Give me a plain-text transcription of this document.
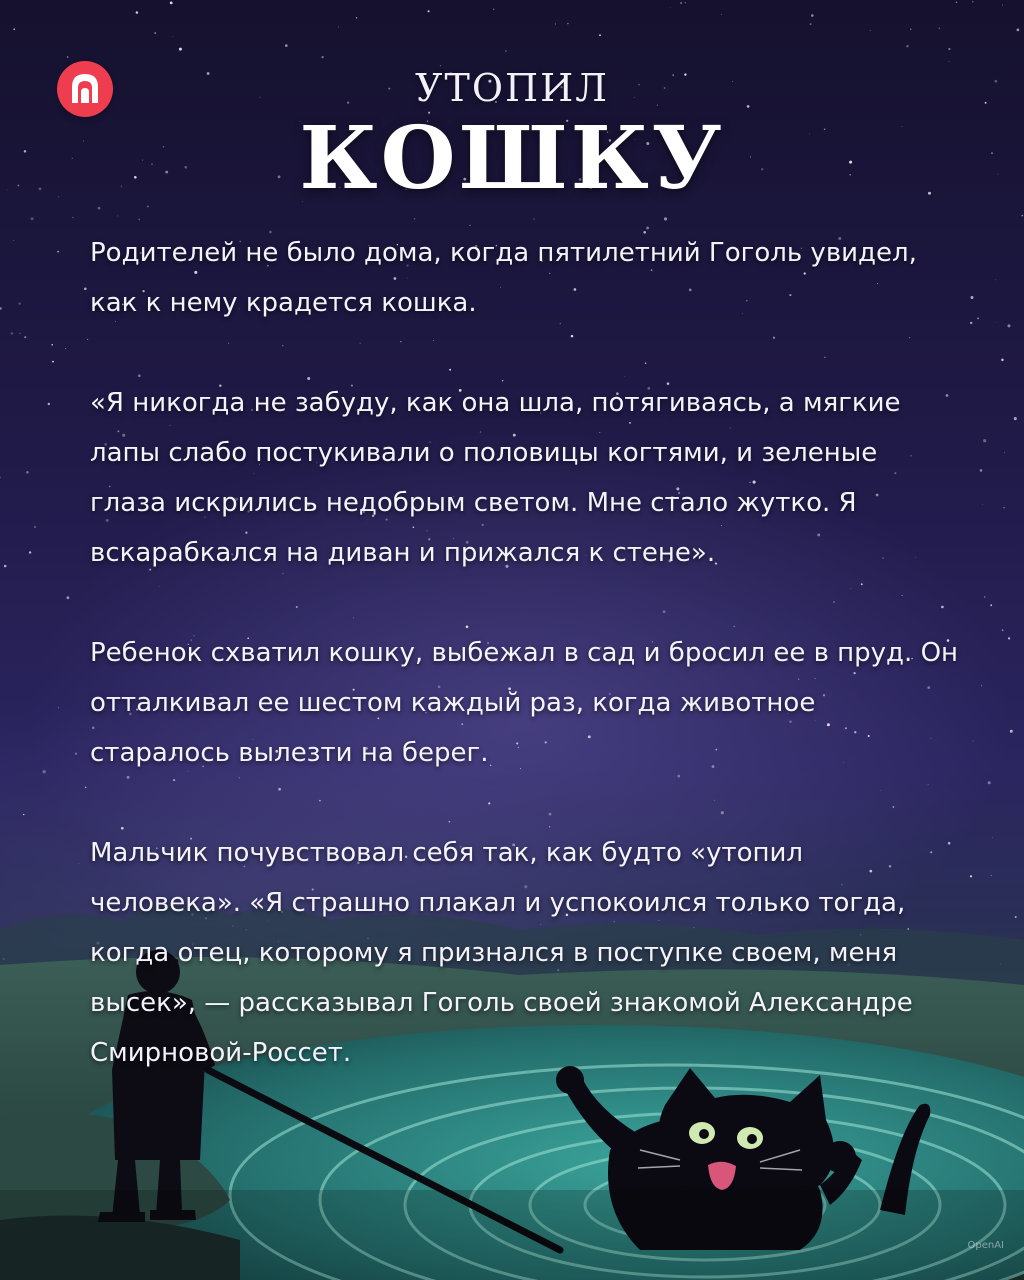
УТОПИЛ
КОШКУ

Родителей не было дома, когда пятилетний Гоголь увидел, как к нему крадется кошка.

«Я никогда не забуду, как она шла, потягиваясь, а мягкие лапы слабо постукивали о половицы когтями, и зеленые глаза искрились недобрым светом. Мне стало жутко. Я вскарабкался на диван и прижался к стене».

Ребенок схватил кошку, выбежал в сад и бросил ее в пруд. Он отталкивал ее шестом каждый раз, когда животное старалось вылезти на берег.

Мальчик почувствовал себя так, как будто «утопил человека». «Я страшно плакал и успокоился только тогда, когда отец, которому я признался в поступке своем, меня высек», — рассказывал Гоголь своей знакомой Александре Смирновой-Россет.

OpenAI
